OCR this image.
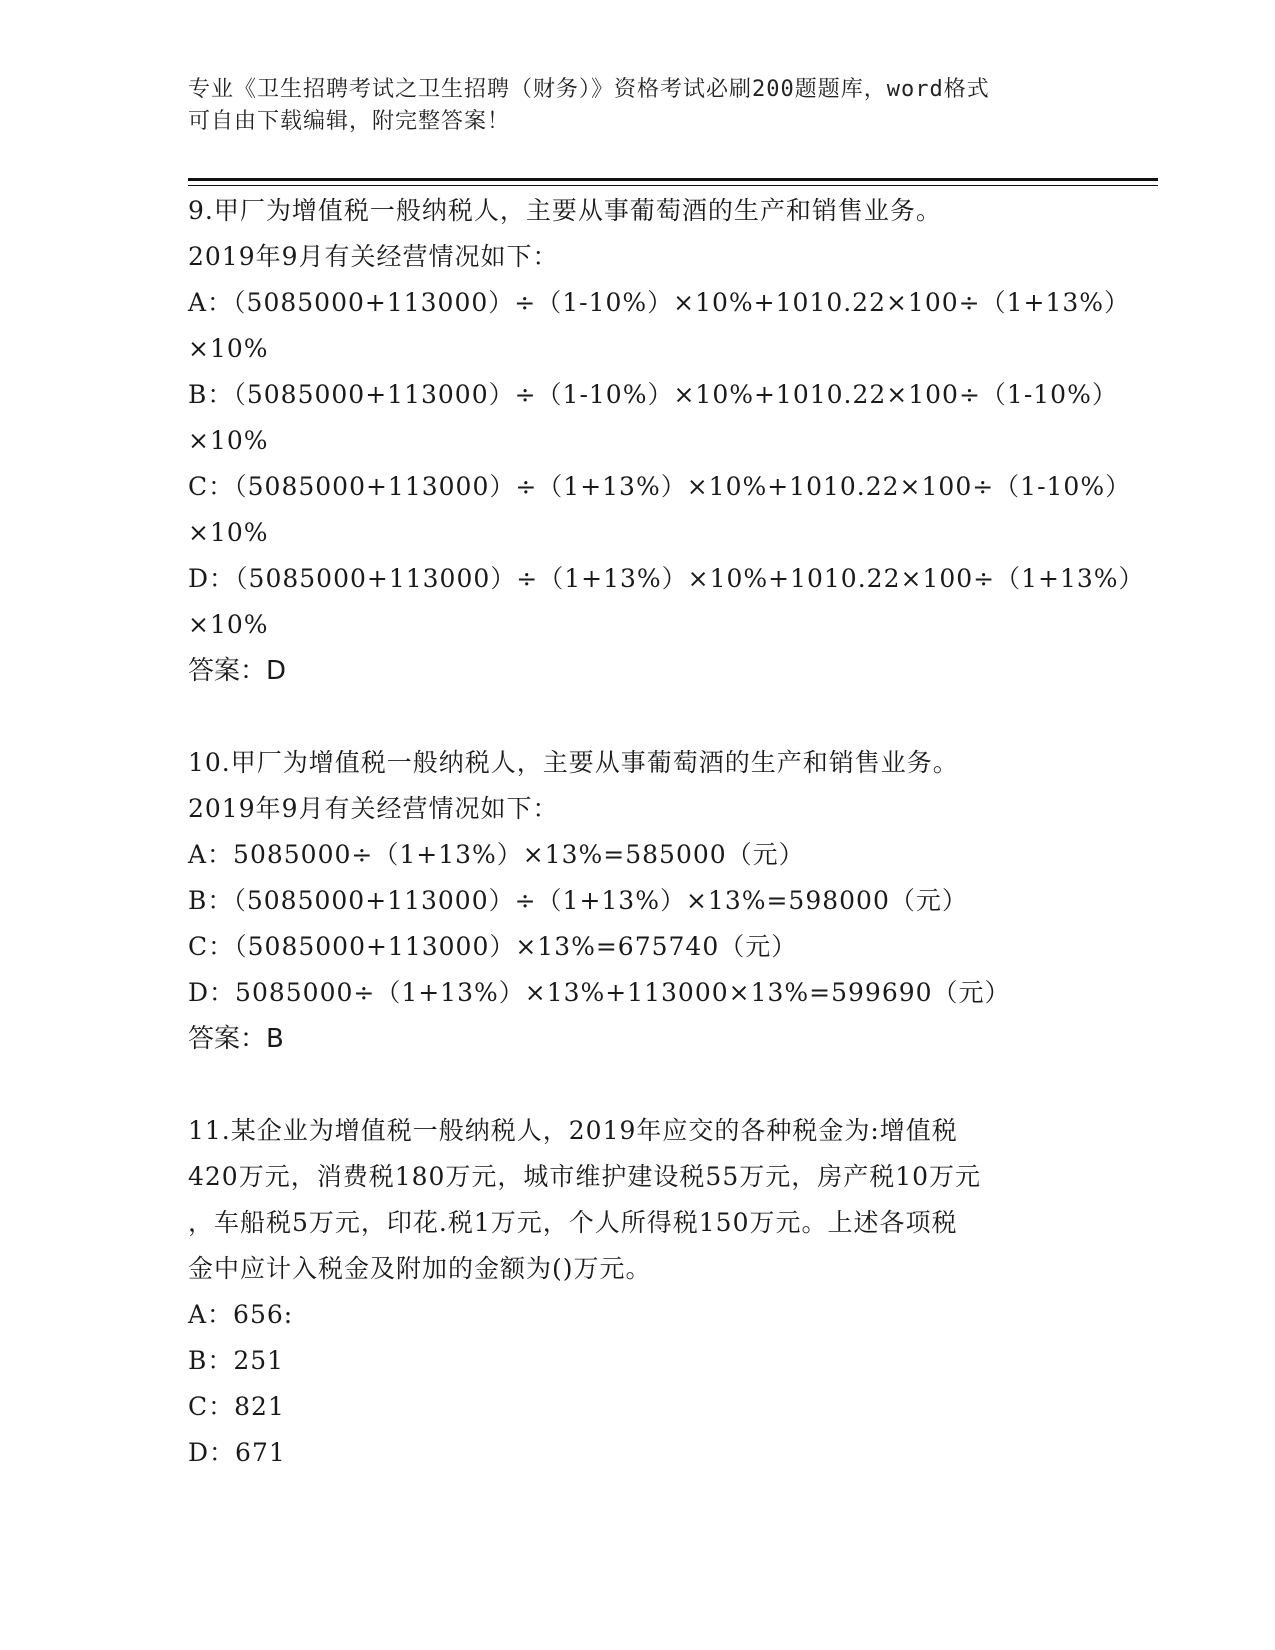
专业《卫生招聘考试之卫生招聘（财务）》资格考试必刷200题题库，word格式
可自由下载编辑，附完整答案！
9.甲厂为增值税一般纳税人，主要从事葡萄酒的生产和销售业务。
2019年9月有关经营情况如下：
A：（5085000+113000）÷（1-10%）×10%+1010.22×100÷（1+13%）
×10%
B：（5085000+113000）÷（1-10%）×10%+1010.22×100÷（1-10%）
×10%
C：（5085000+113000）÷（1+13%）×10%+1010.22×100÷（1-10%）
×10%
D：（5085000+113000）÷（1+13%）×10%+1010.22×100÷（1+13%）
×10%
答案：D
10.甲厂为增值税一般纳税人，主要从事葡萄酒的生产和销售业务。
2019年9月有关经营情况如下：
A：5085000÷（1+13%）×13%=585000（元）
B：（5085000+113000）÷（1+13%）×13%=598000（元）
C：（5085000+113000）×13%=675740（元）
D：5085000÷（1+13%）×13%+113000×13%=599690（元）
答案：B
11.某企业为增值税一般纳税人，2019年应交的各种税金为:增值税
420万元，消费税180万元，城市维护建设税55万元，房产税10万元
，车船税5万元，印花.税1万元，个人所得税150万元。上述各项税
金中应计入税金及附加的金额为()万元。
A：656:
B：251
C：821
D：671
